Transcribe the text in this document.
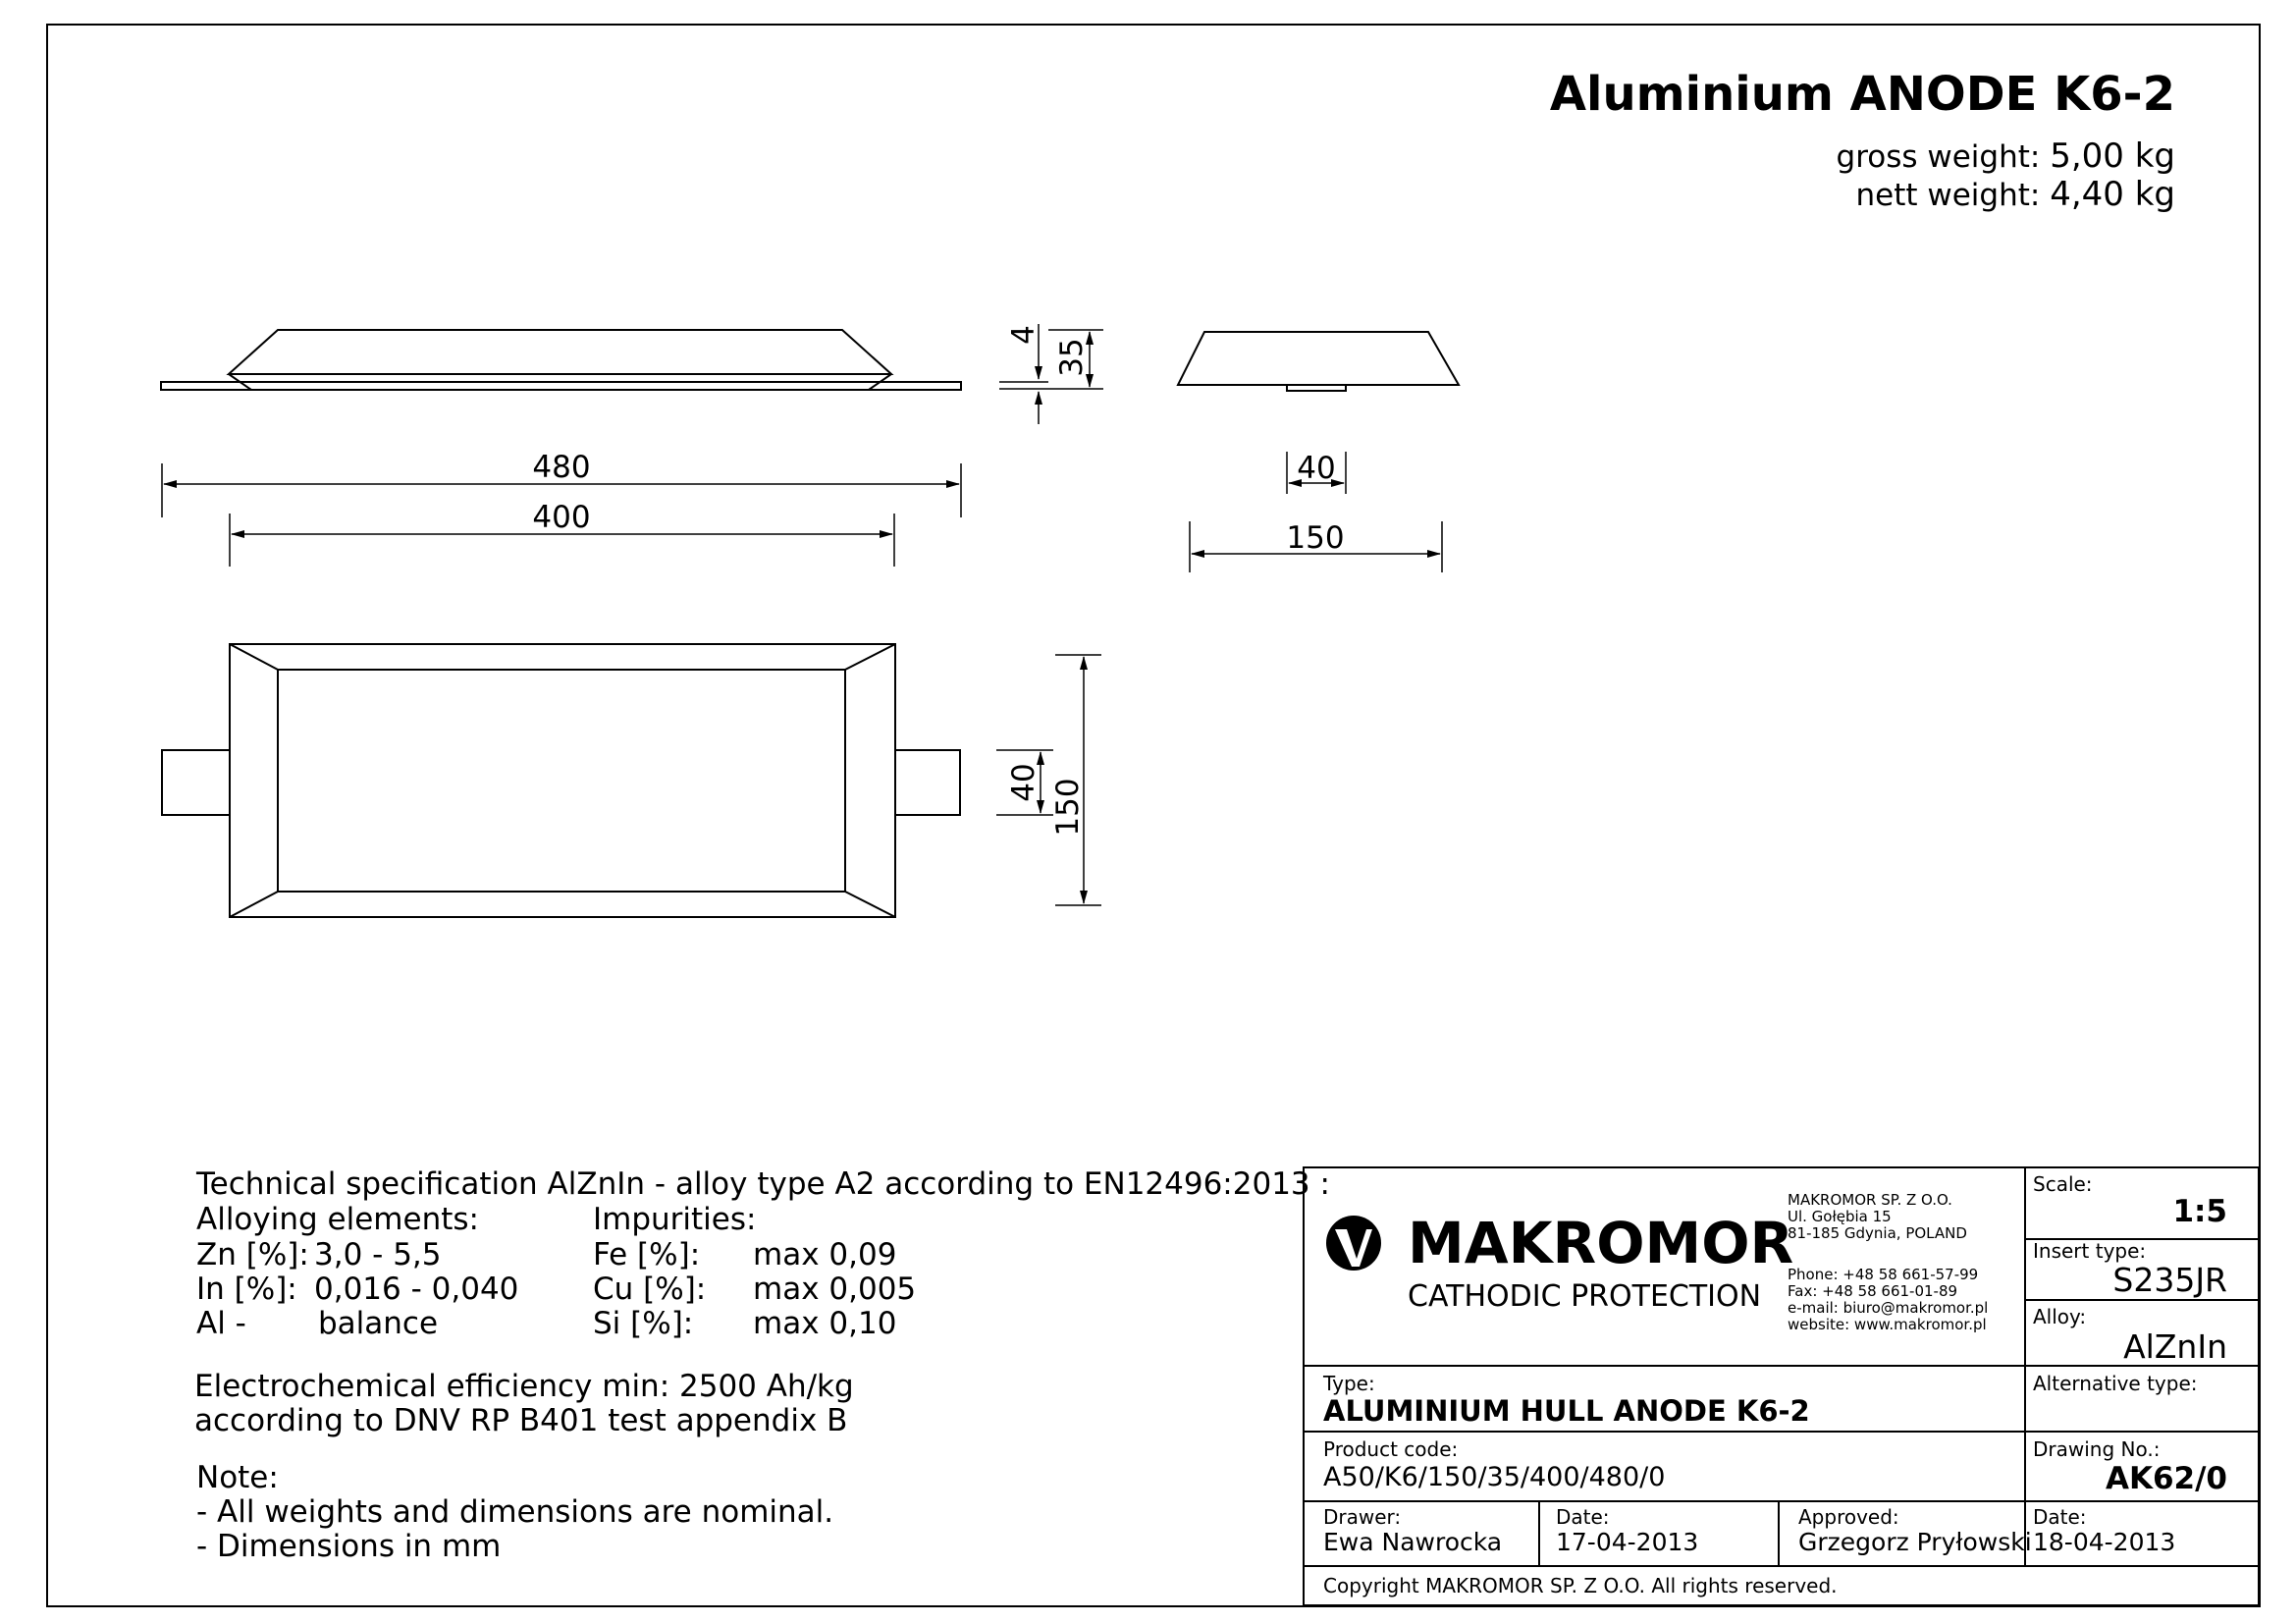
480
400
40
150
4
35
40 150
Aluminium ANODE K6-2
gross weight: 5,00 kg
nett weight: 4,40 kg
Technical specification AlZnIn - alloy type A2 according to EN12496:2013 :
Alloying elements:	Impurities:
Zn [%]: 3,0 - 5,5
In [%]: 0,016 - 0,040
Al - balance
Fe [%]: max 0,09
Cu [%]: max 0,005
Si [%]: max 0,10
Electrochemical efficiency min: 2500 Ah/kg
according to DNV RP B401 test appendix B
Note:
- All weights and dimensions are nominal.
- Dimensions in mm
MAKROMOR
CATHODIC PROTECTION
MAKROMOR SP. Z O.O.
Ul. Gołębia 15
81-185 Gdynia, POLAND
Phone: +48 58 661-57-99
Fax: +48 58 661-01-89
e-mail: biuro@makromor.pl
website: www.makromor.pl
Scale:
1:5
Insert type:
S235JR
Alloy:
AlZnIn
Type:
ALUMINIUM HULL ANODE K6-2
Alternative type:
Product code:
A50/K6/150/35/400/480/0
Drawing No.:
AK62/0
Drawer:
Ewa Nawrocka
Date:
17-04-2013
Approved:
Grzegorz Pryłowski
Date:
18-04-2013
Copyright MAKROMOR SP. Z O.O. All rights reserved.
